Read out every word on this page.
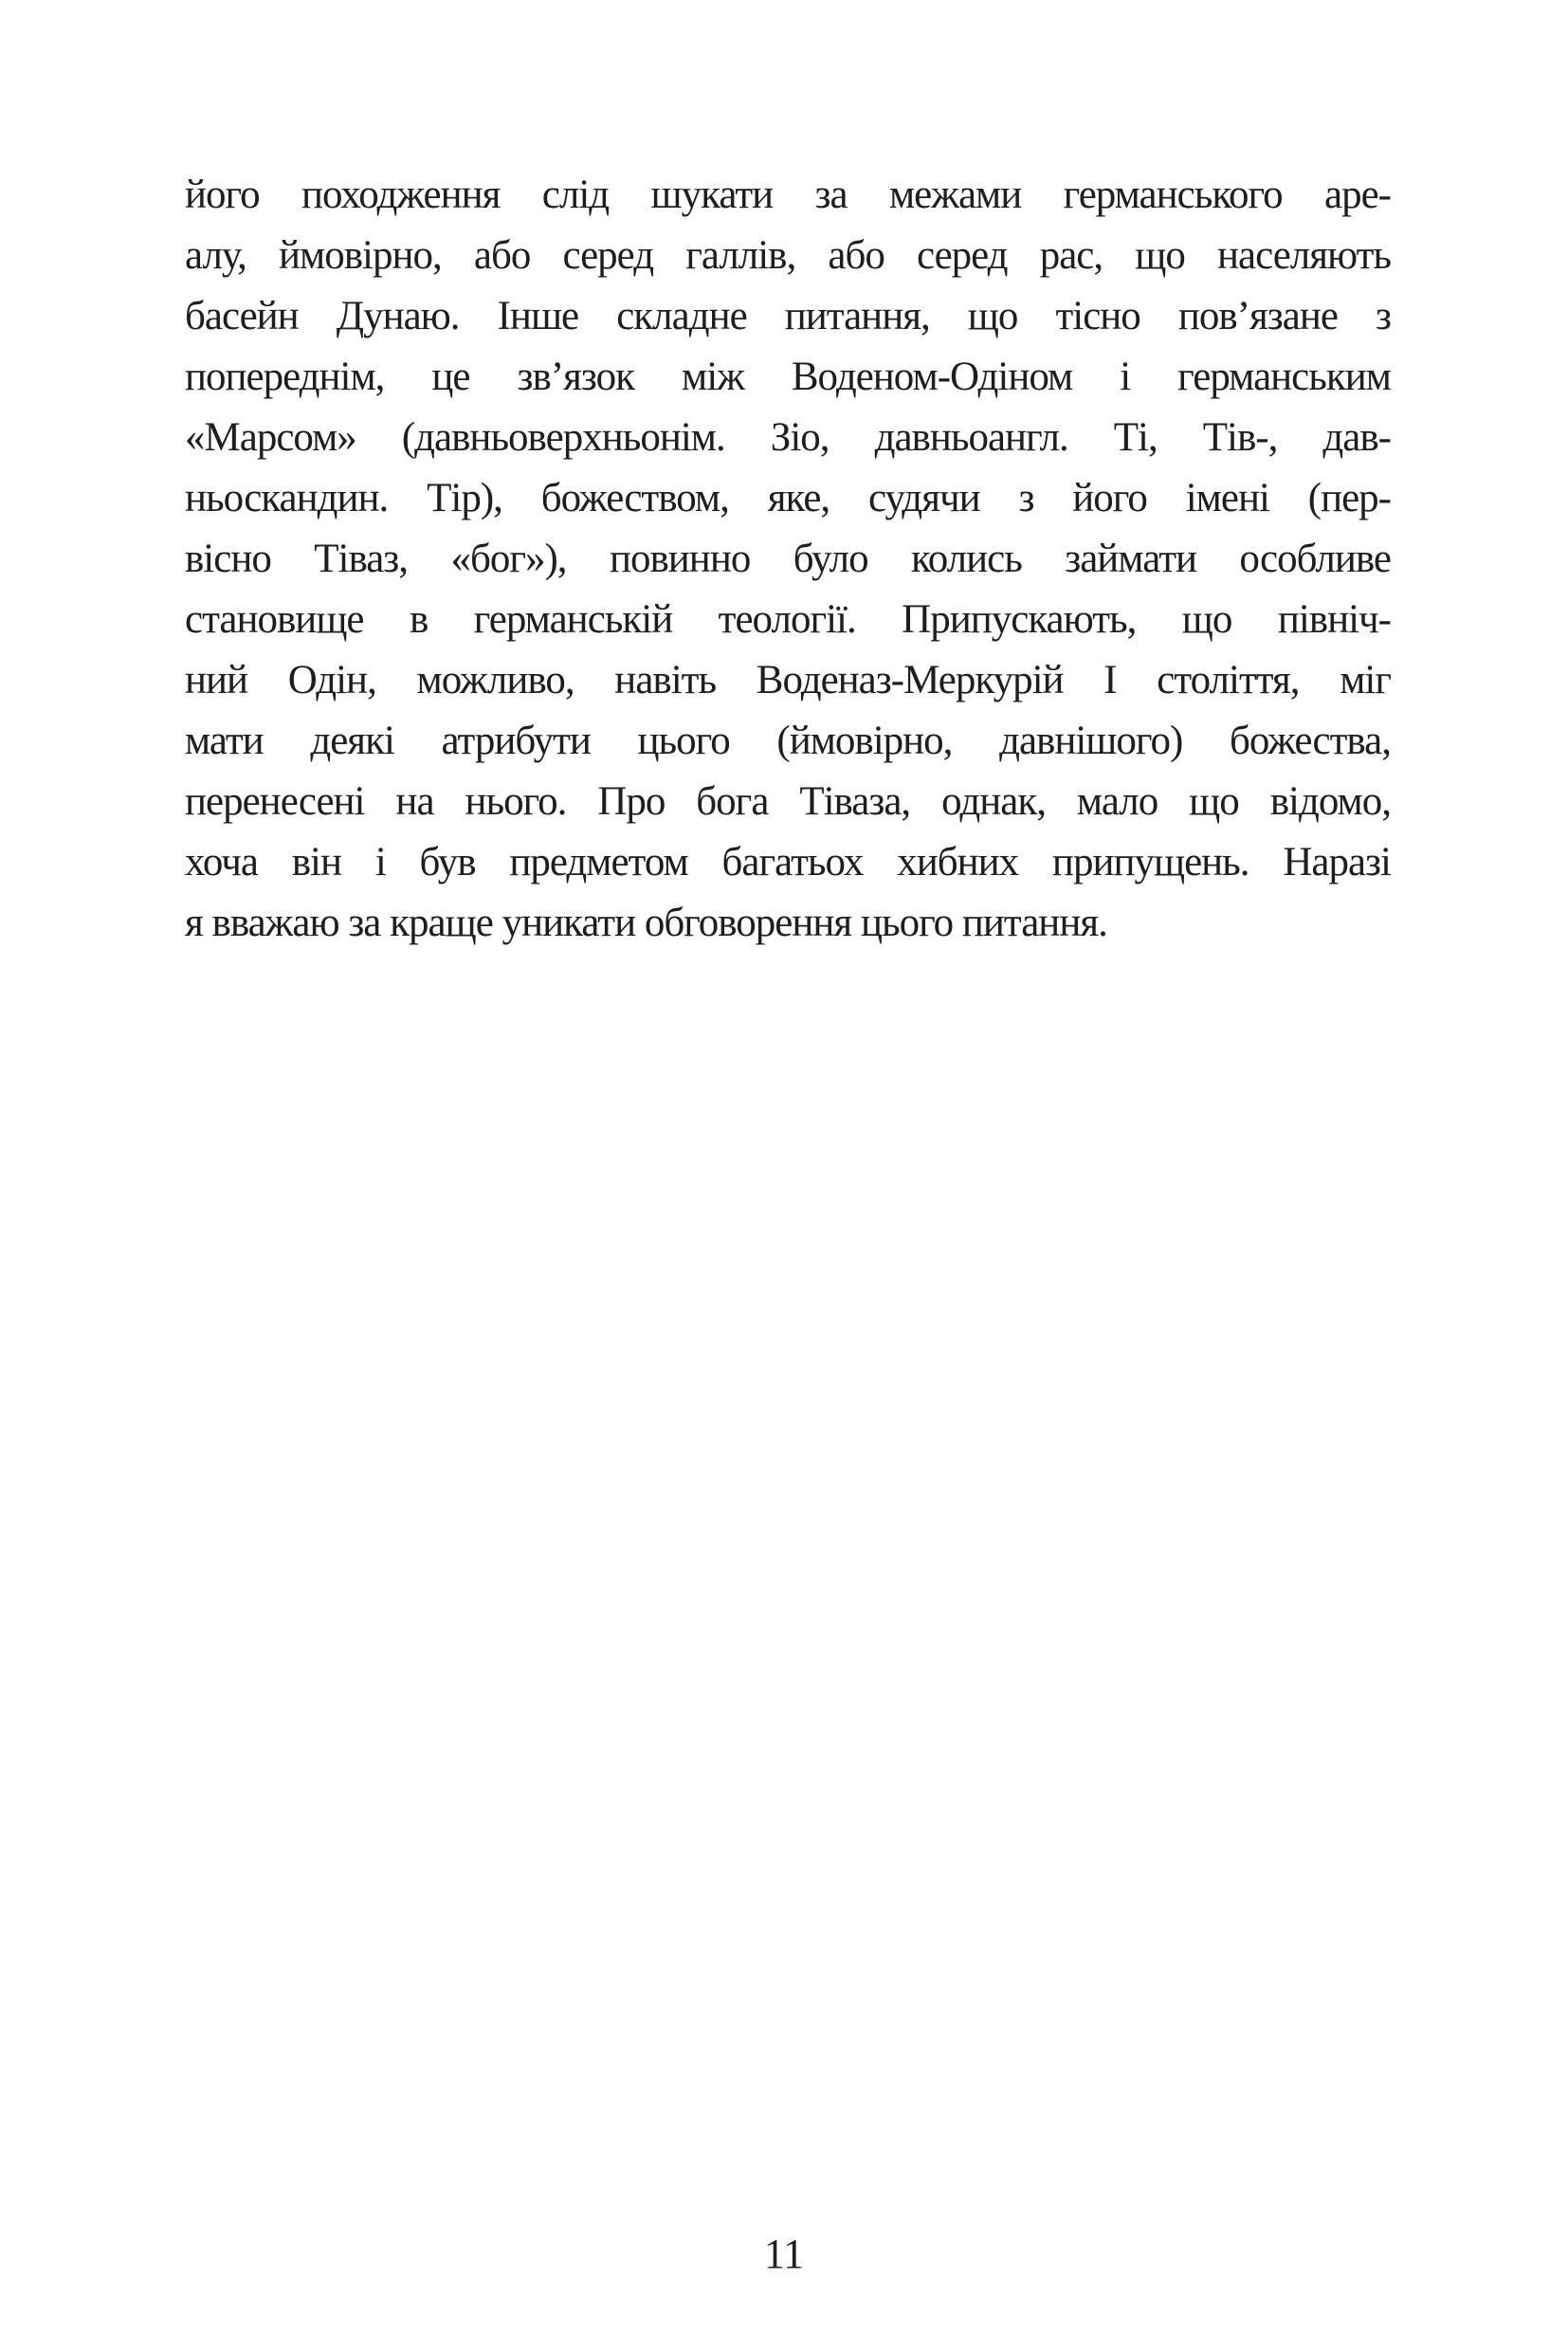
його походження слід шукати за межами германського аре-
алу, ймовірно, або серед галлів, або серед рас, що населяють
басейн Дунаю. Інше складне питання, що тісно пов’язане з
попереднім, це зв’язок між Воденом-Одіном і германським
«Марсом» (давньоверхньонім. Зіо, давньоангл. Ті, Тів-, дав-
ньоскандин. Тір), божеством, яке, судячи з його імені (пер-
вісно Тіваз, «бог»), повинно було колись займати особливе
становище в германській теології. Припускають, що північ-
ний Одін, можливо, навіть Воденаз-Меркурій І століття, міг
мати деякі атрибути цього (ймовірно, давнішого) божества,
перенесені на нього. Про бога Тіваза, однак, мало що відомо,
хоча він і був предметом багатьох хибних припущень. Наразі
я вважаю за краще уникати обговорення цього питання.
11
